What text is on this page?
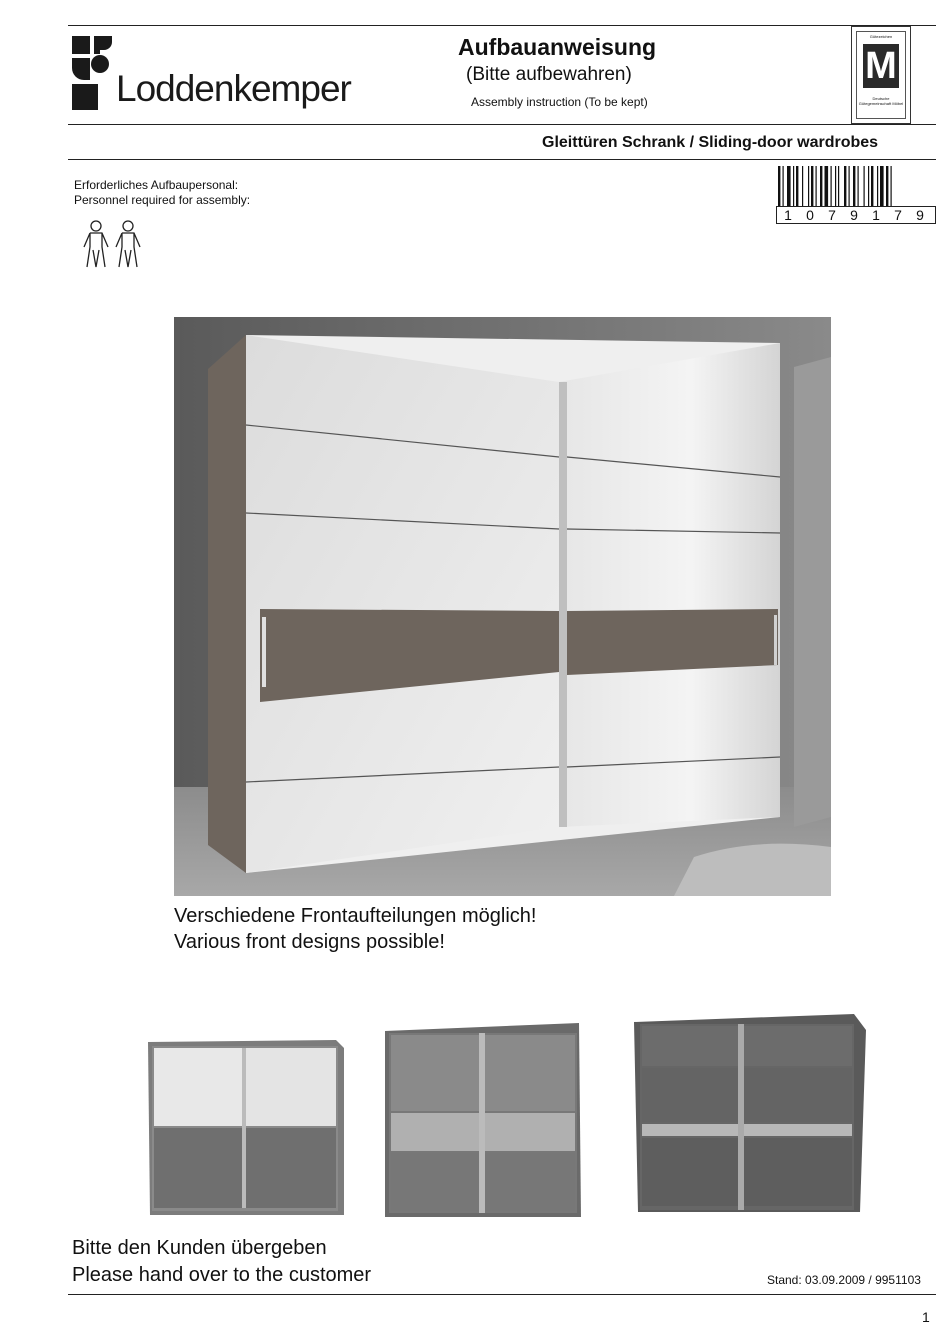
Loddenkemper
Aufbauanweisung
(Bitte aufbewahren)
Assembly instruction (To be kept)
Gütezeichen
M
Deutsche Gütegemeinschaft Möbel
Gleittüren Schrank / Sliding-door wardrobes
Erforderliches Aufbaupersonal:
Personnel required for assembly:
1 0 7 9 1 7 9
Verschiedene Frontaufteilungen möglich!
Various front designs possible!
Bitte den Kunden übergeben
Please hand over to the customer	Stand: 03.09.2009 / 9951103
1
